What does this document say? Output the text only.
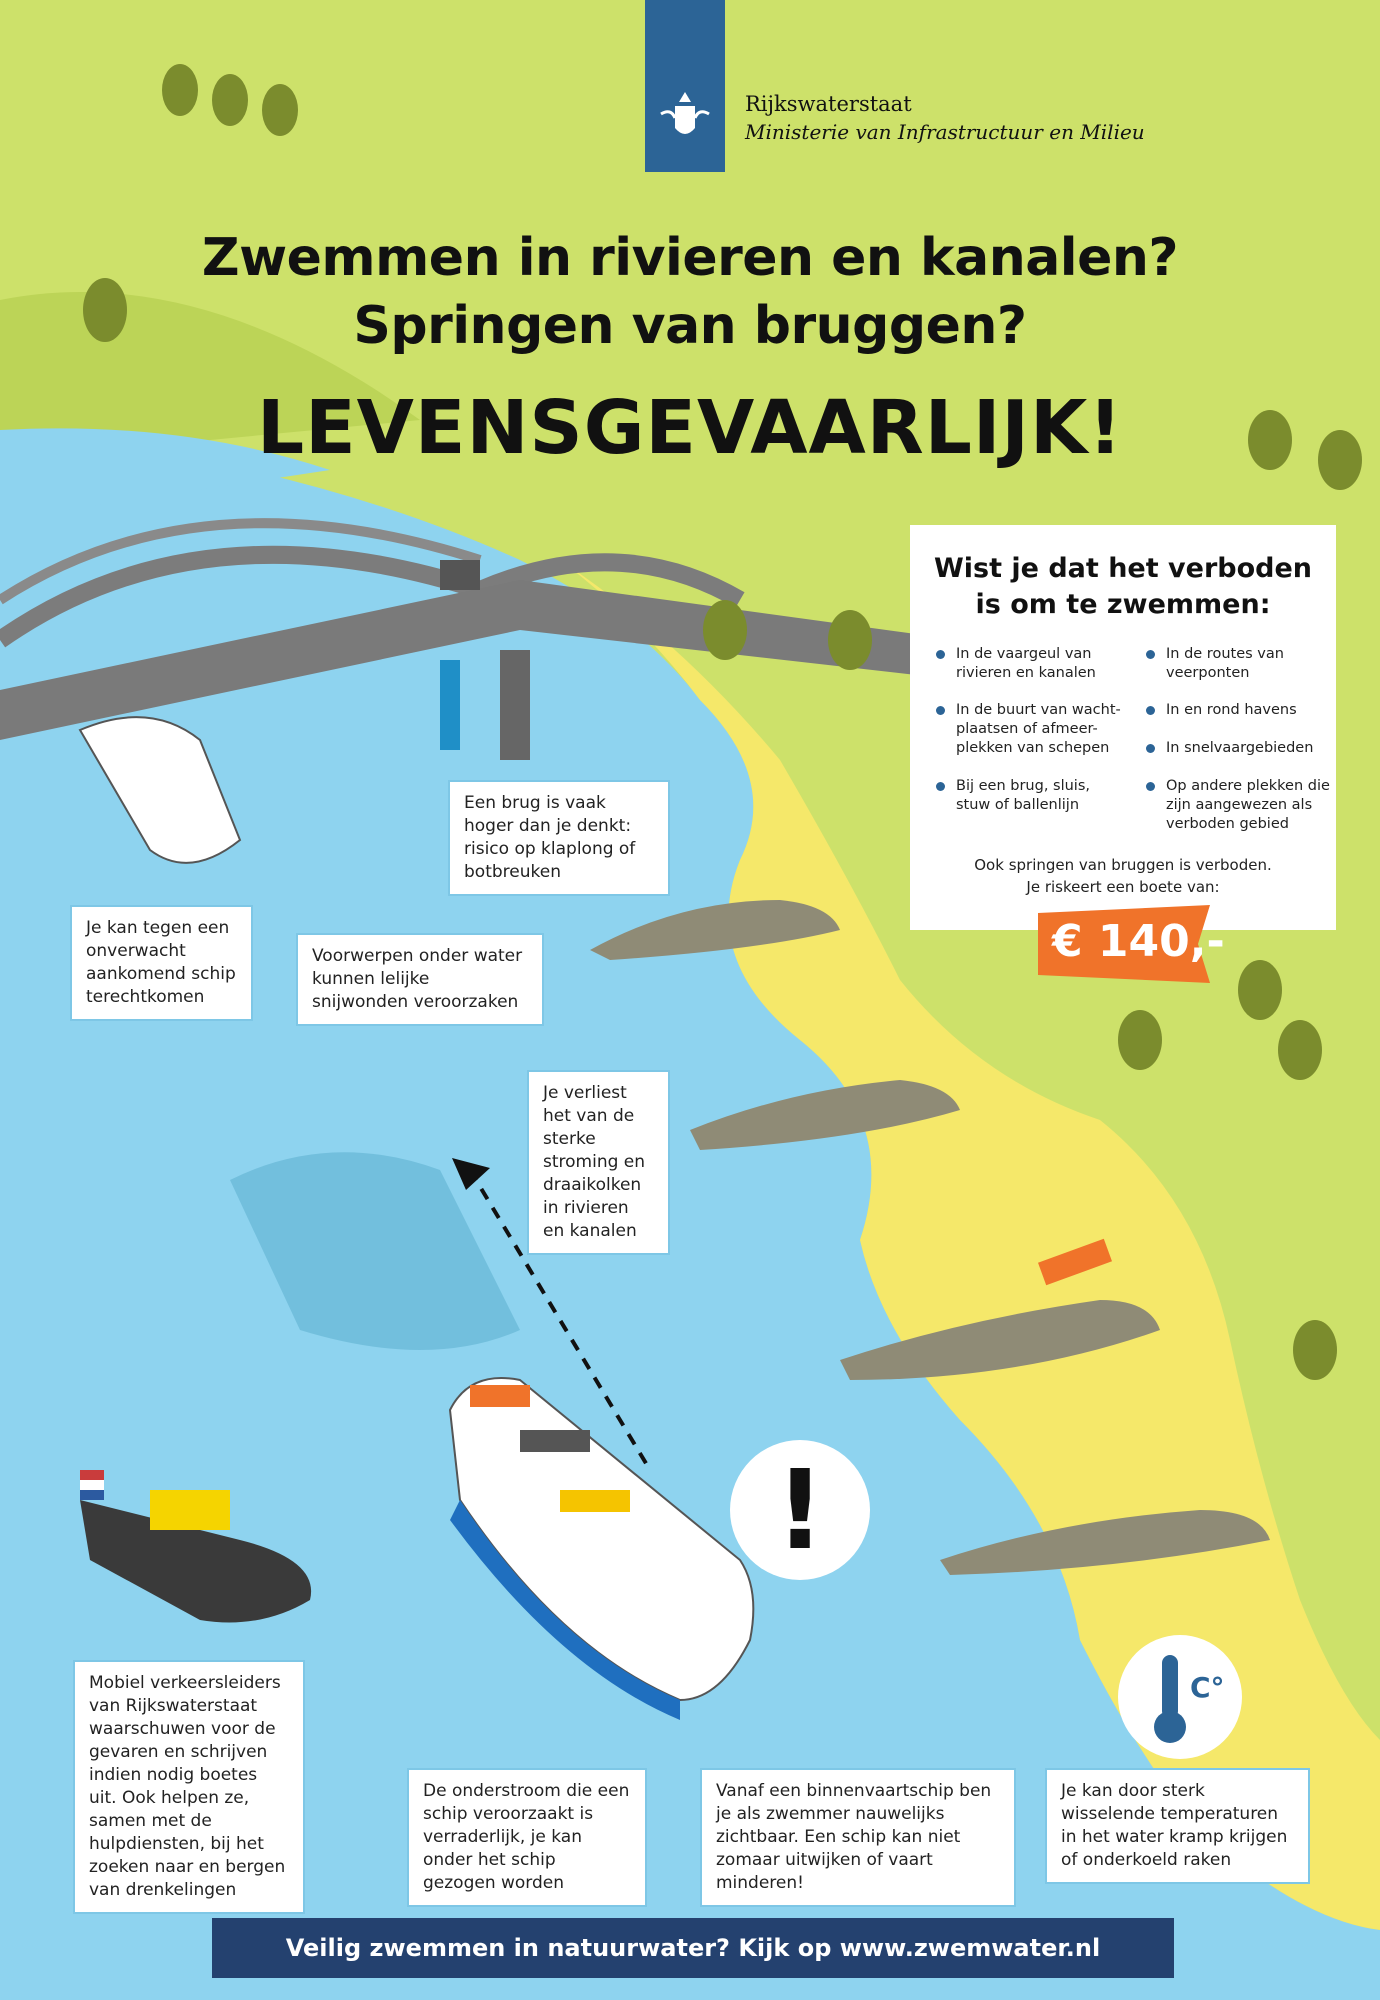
Rijkswaterstaat
Ministerie van Infrastructuur en Milieu
Zwemmen in rivieren en kanalen?
Springen van bruggen?
LEVENSGEVAARLIJK!
Wist je dat het verboden
is om te zwemmen:
In de vaargeul van rivieren en kanalen
In de routes van veerponten
In de buurt van wacht-plaatsen of afmeer-plekken van schepen
In en rond havens
In snelvaargebieden
Bij een brug, sluis, stuw of ballenlijn
Op andere plekken die zijn aangewezen als verboden gebied
Ook springen van bruggen is verboden.
Je riskeert een boete van:
€ 140,-
Een brug is vaak hoger dan je denkt: risico op klaplong of botbreuken
Je kan tegen een onverwacht aankomend schip terechtkomen
Voorwerpen onder water kunnen lelijke snijwonden veroorzaken
Je verliest het van de sterke stroming en draaikolken in rivieren en kanalen
Mobiel verkeersleiders van Rijkswaterstaat waarschuwen voor de gevaren en schrijven indien nodig boetes uit. Ook helpen ze, samen met de hulpdiensten, bij het zoeken naar en bergen van drenkelingen
De onderstroom die een schip veroorzaakt is verraderlijk, je kan onder het schip gezogen worden
Vanaf een binnenvaartschip ben je als zwemmer nauwelijks zichtbaar. Een schip kan niet zomaar uitwijken of vaart minderen!
Je kan door sterk wisselende temperaturen in het water kramp krijgen of onderkoeld raken
!
C°
Veilig zwemmen in natuurwater? Kijk op www.zwemwater.nl
